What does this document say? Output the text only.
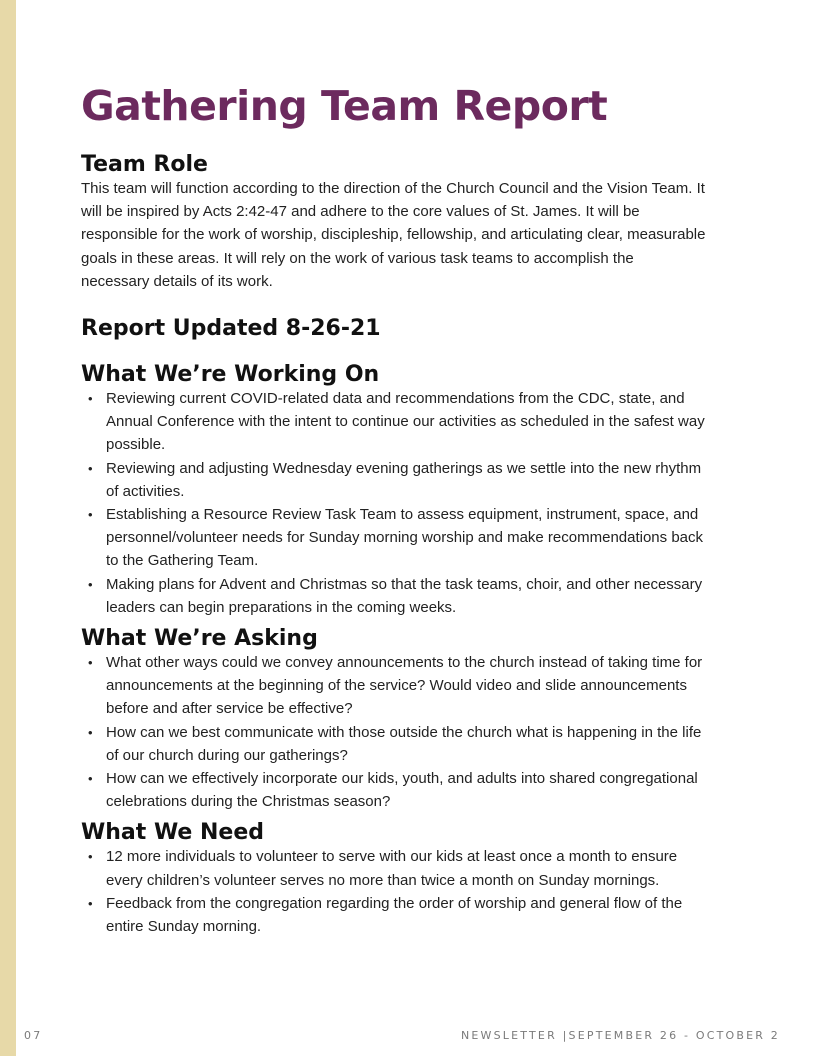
Gathering Team Report
Team Role

This team will function according to the direction of the Church Council and the Vision Team. It will be inspired by Acts 2:42-47 and adhere to the core values of St. James. It will be responsible for the work of worship, discipleship, fellowship, and articulating clear, measurable goals in these areas. It will rely on the work of various task teams to accomplish the necessary details of its work.

Report Updated 8-26-21
What We’re Working On
• Reviewing current COVID-related data and recommendations from the CDC, state, and Annual Conference with the intent to continue our activities as scheduled in the safest way possible.
• Reviewing and adjusting Wednesday evening gatherings as we settle into the new rhythm of activities.
• Establishing a Resource Review Task Team to assess equipment, instrument, space, and personnel/volunteer needs for Sunday morning worship and make recommendations back to the Gathering Team.
• Making plans for Advent and Christmas so that the task teams, choir, and other necessary leaders can begin preparations in the coming weeks.
What We’re Asking
• What other ways could we convey announcements to the church instead of taking time for announcements at the beginning of the service? Would video and slide announcements before and after service be effective?
• How can we best communicate with those outside the church what is happening in the life of our church during our gatherings?
• How can we effectively incorporate our kids, youth, and adults into shared congregational celebrations during the Christmas season?
What We Need
• 12 more individuals to volunteer to serve with our kids at least once a month to ensure every children’s volunteer serves no more than twice a month on Sunday mornings.
• Feedback from the congregation regarding the order of worship and general flow of the entire Sunday morning.
07	NEWSLETTER |SEPTEMBER 26 - OCTOBER 2
